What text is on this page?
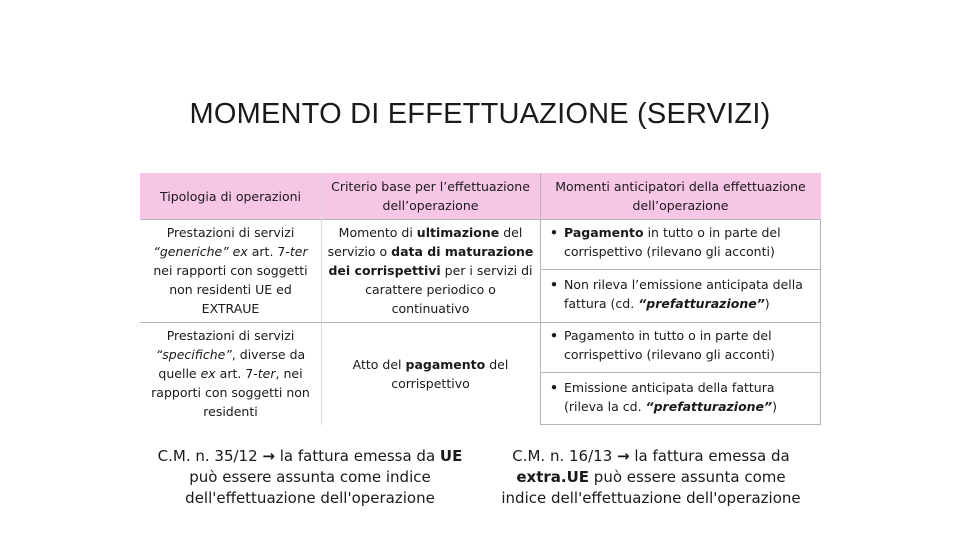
MOMENTO DI EFFETTUAZIONE (SERVIZI)
Tipologia di operazioni
Criterio base per l’effettuazione dell’operazione
Momenti anticipatori della effettuazione dell’operazione
Prestazioni di servizi “generiche” ex art. 7-ter nei rapporti con soggetti non residenti UE ed EXTRAUE
Momento di ultimazione del servizio o data di maturazione dei corrispettivi per i servizi di carattere periodico o continuativo
• Pagamento in tutto o in parte del corrispettivo (rilevano gli acconti)
• Non rileva l’emissione anticipata della fattura (cd. “prefatturazione”)
Prestazioni di servizi “specifiche”, diverse da quelle ex art. 7-ter, nei rapporti con soggetti non residenti
Atto del pagamento del corrispettivo
• Pagamento in tutto o in parte del corrispettivo (rilevano gli acconti)
• Emissione anticipata della fattura (rileva la cd. “prefatturazione”)
C.M. n. 35/12 → la fattura emessa da UE
può essere assunta come indice dell'effettuazione dell'operazione
C.M. n. 16/13 → la fattura emessa da
extra.UE può essere assunta come indice dell'effettuazione dell'operazione
